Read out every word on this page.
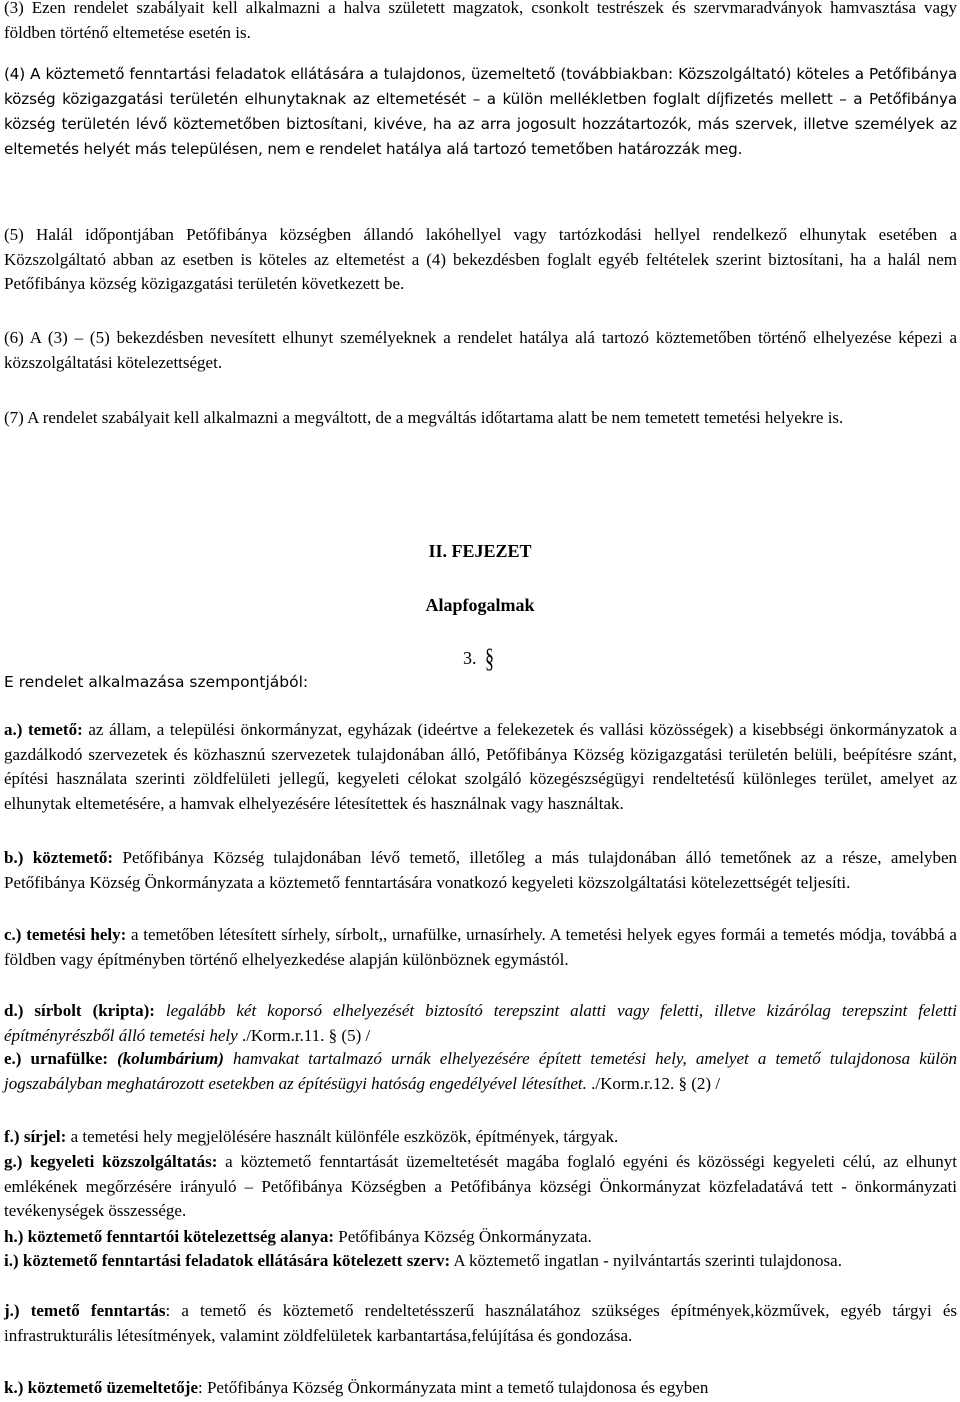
(3) Ezen rendelet szabályait kell alkalmazni a halva született magzatok, csonkolt testrészek és szervmaradványok hamvasztása vagy földben történő eltemetése esetén is.

(4) A köztemető fenntartási feladatok ellátására a tulajdonos, üzemeltető (továbbiakban: Közszolgáltató) köteles a Petőfibánya község közigazgatási területén elhunytaknak az eltemetését – a külön mellékletben foglalt díjfizetés mellett – a Petőfibánya község területén lévő köztemetőben biztosítani, kivéve, ha az arra jogosult hozzátartozók, más szervek, illetve személyek az eltemetés helyét más településen, nem e rendelet hatálya alá tartozó temetőben határozzák meg.

(5) Halál időpontjában Petőfibánya községben állandó lakóhellyel vagy tartózkodási hellyel rendelkező elhunytak esetében a Közszolgáltató abban az esetben is köteles az eltemetést a (4) bekezdésben foglalt egyéb feltételek szerint biztosítani, ha a halál nem Petőfibánya község közigazgatási területén következett be.

(6) A (3) – (5) bekezdésben nevesített elhunyt személyeknek a rendelet hatálya alá tartozó köztemetőben történő elhelyezése képezi a közszolgáltatási kötelezettséget.

(7) A rendelet szabályait kell alkalmazni a megváltott, de a megváltás időtartama alatt be nem temetett temetési helyekre is.

II. FEJEZET

Alapfogalmak

3. §

E rendelet alkalmazása szempontjából:

a.) temető: az állam, a települési önkormányzat, egyházak (ideértve a felekezetek és vallási közösségek) a kisebbségi önkormányzatok a gazdálkodó szervezetek és közhasznú szervezetek tulajdonában álló, Petőfibánya Község közigazgatási területén belüli, beépítésre szánt, építési használata szerinti zöldfelületi jellegű, kegyeleti célokat szolgáló közegészségügyi rendeltetésű különleges terület, amelyet az elhunytak eltemetésére, a hamvak elhelyezésére létesítettek és használnak vagy használtak.

b.) köztemető: Petőfibánya Község tulajdonában lévő temető, illetőleg a más tulajdonában álló temetőnek az a része, amelyben Petőfibánya Község Önkormányzata a köztemető fenntartására vonatkozó kegyeleti közszolgáltatási kötelezettségét teljesíti.

c.) temetési hely: a temetőben létesített sírhely, sírbolt,, urnafülke, urnasírhely. A temetési helyek egyes formái a temetés módja, továbbá a földben vagy építményben történő elhelyezkedése alapján különböznek egymástól.

d.) sírbolt (kripta): legalább két koporsó elhelyezését biztosító terepszint alatti vagy feletti, illetve kizárólag terepszint feletti építményrészből álló temetési hely ./Korm.r.11. § (5) /

e.) urnafülke: (kolumbárium) hamvakat tartalmazó urnák elhelyezésére épített temetési hely, amelyet a temető tulajdonosa külön jogszabályban meghatározott esetekben az építésügyi hatóság engedélyével létesíthet. ./Korm.r.12. § (2) /

f.) sírjel: a temetési hely megjelölésére használt különféle eszközök, építmények, tárgyak.

g.) kegyeleti közszolgáltatás: a köztemető fenntartását üzemeltetését magába foglaló egyéni és közösségi kegyeleti célú, az elhunyt emlékének megőrzésére irányuló – Petőfibánya Községben a Petőfibánya községi Önkormányzat közfeladatává tett - önkormányzati tevékenységek összessége.

h.) köztemető fenntartói kötelezettség alanya: Petőfibánya Község Önkormányzata.

i.) köztemető fenntartási feladatok ellátására kötelezett szerv: A köztemető ingatlan - nyilvántartás szerinti tulajdonosa.

j.) temető fenntartás: a temető és köztemető rendeltetésszerű használatához szükséges építmények,közművek, egyéb tárgyi és infrastrukturális létesítmények, valamint zöldfelületek karbantartása,felújítása és gondozása.

k.) köztemető üzemeltetője: Petőfibánya Község Önkormányzata mint a temető tulajdonosa és egyben
